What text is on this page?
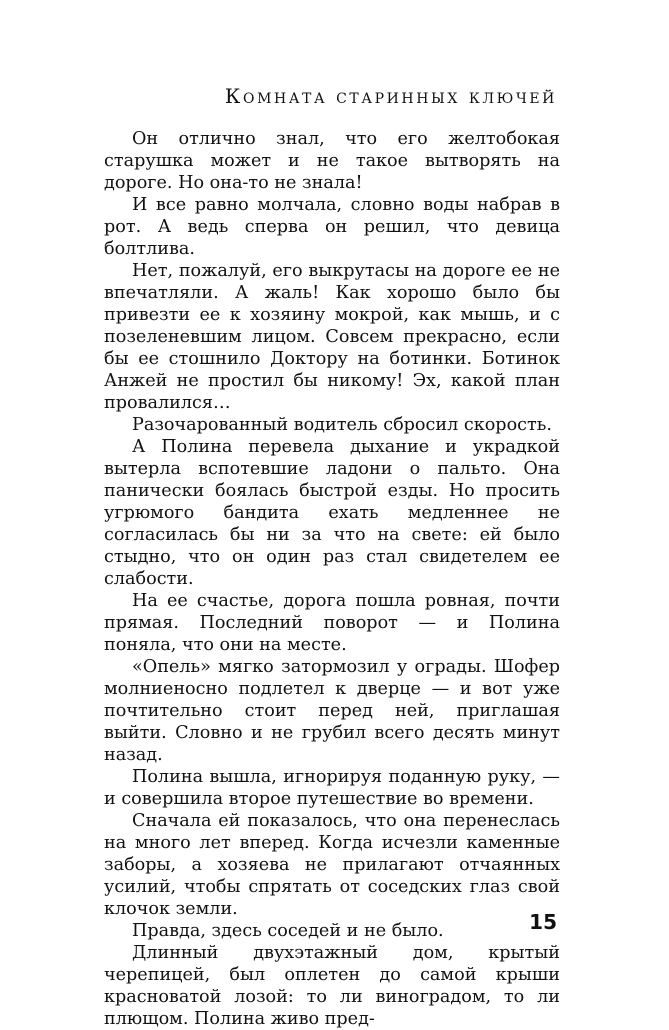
Комната старинных ключей

Он отлично знал, что его желтобокая старушка может и не такое вытворять на дороге. Но она-то не знала!

И все равно молчала, словно воды набрав в рот. А ведь сперва он решил, что девица болтлива.

Нет, пожалуй, его выкрутасы на дороге ее не впечатляли. А жаль! Как хорошо было бы привезти ее к хозяину мокрой, как мышь, и с позеленевшим лицом. Совсем прекрасно, если бы ее стошнило Доктору на ботинки. Ботинок Анжей не простил бы никому! Эх, какой план провалился…

Разочарованный водитель сбросил скорость.

А Полина перевела дыхание и украдкой вытерла вспотевшие ладони о пальто. Она панически боялась быстрой езды. Но просить угрюмого бандита ехать медленнее не согласилась бы ни за что на свете: ей было стыдно, что он один раз стал свидетелем ее слабости.

На ее счастье, дорога пошла ровная, почти прямая. Последний поворот — и Полина поняла, что они на месте.

«Опель» мягко затормозил у ограды. Шофер молниеносно подлетел к дверце — и вот уже почтительно стоит перед ней, приглашая выйти. Словно и не грубил всего десять минут назад.

Полина вышла, игнорируя поданную руку, — и совершила второе путешествие во времени.

Сначала ей показалось, что она перенеслась на много лет вперед. Когда исчезли каменные заборы, а хозяева не прилагают отчаянных усилий, чтобы спрятать от соседских глаз свой клочок земли.

Правда, здесь соседей и не было.

Длинный двухэтажный дом, крытый черепицей, был оплетен до самой крыши красноватой лозой: то ли виноградом, то ли плющом. Полина живо пред-

15
